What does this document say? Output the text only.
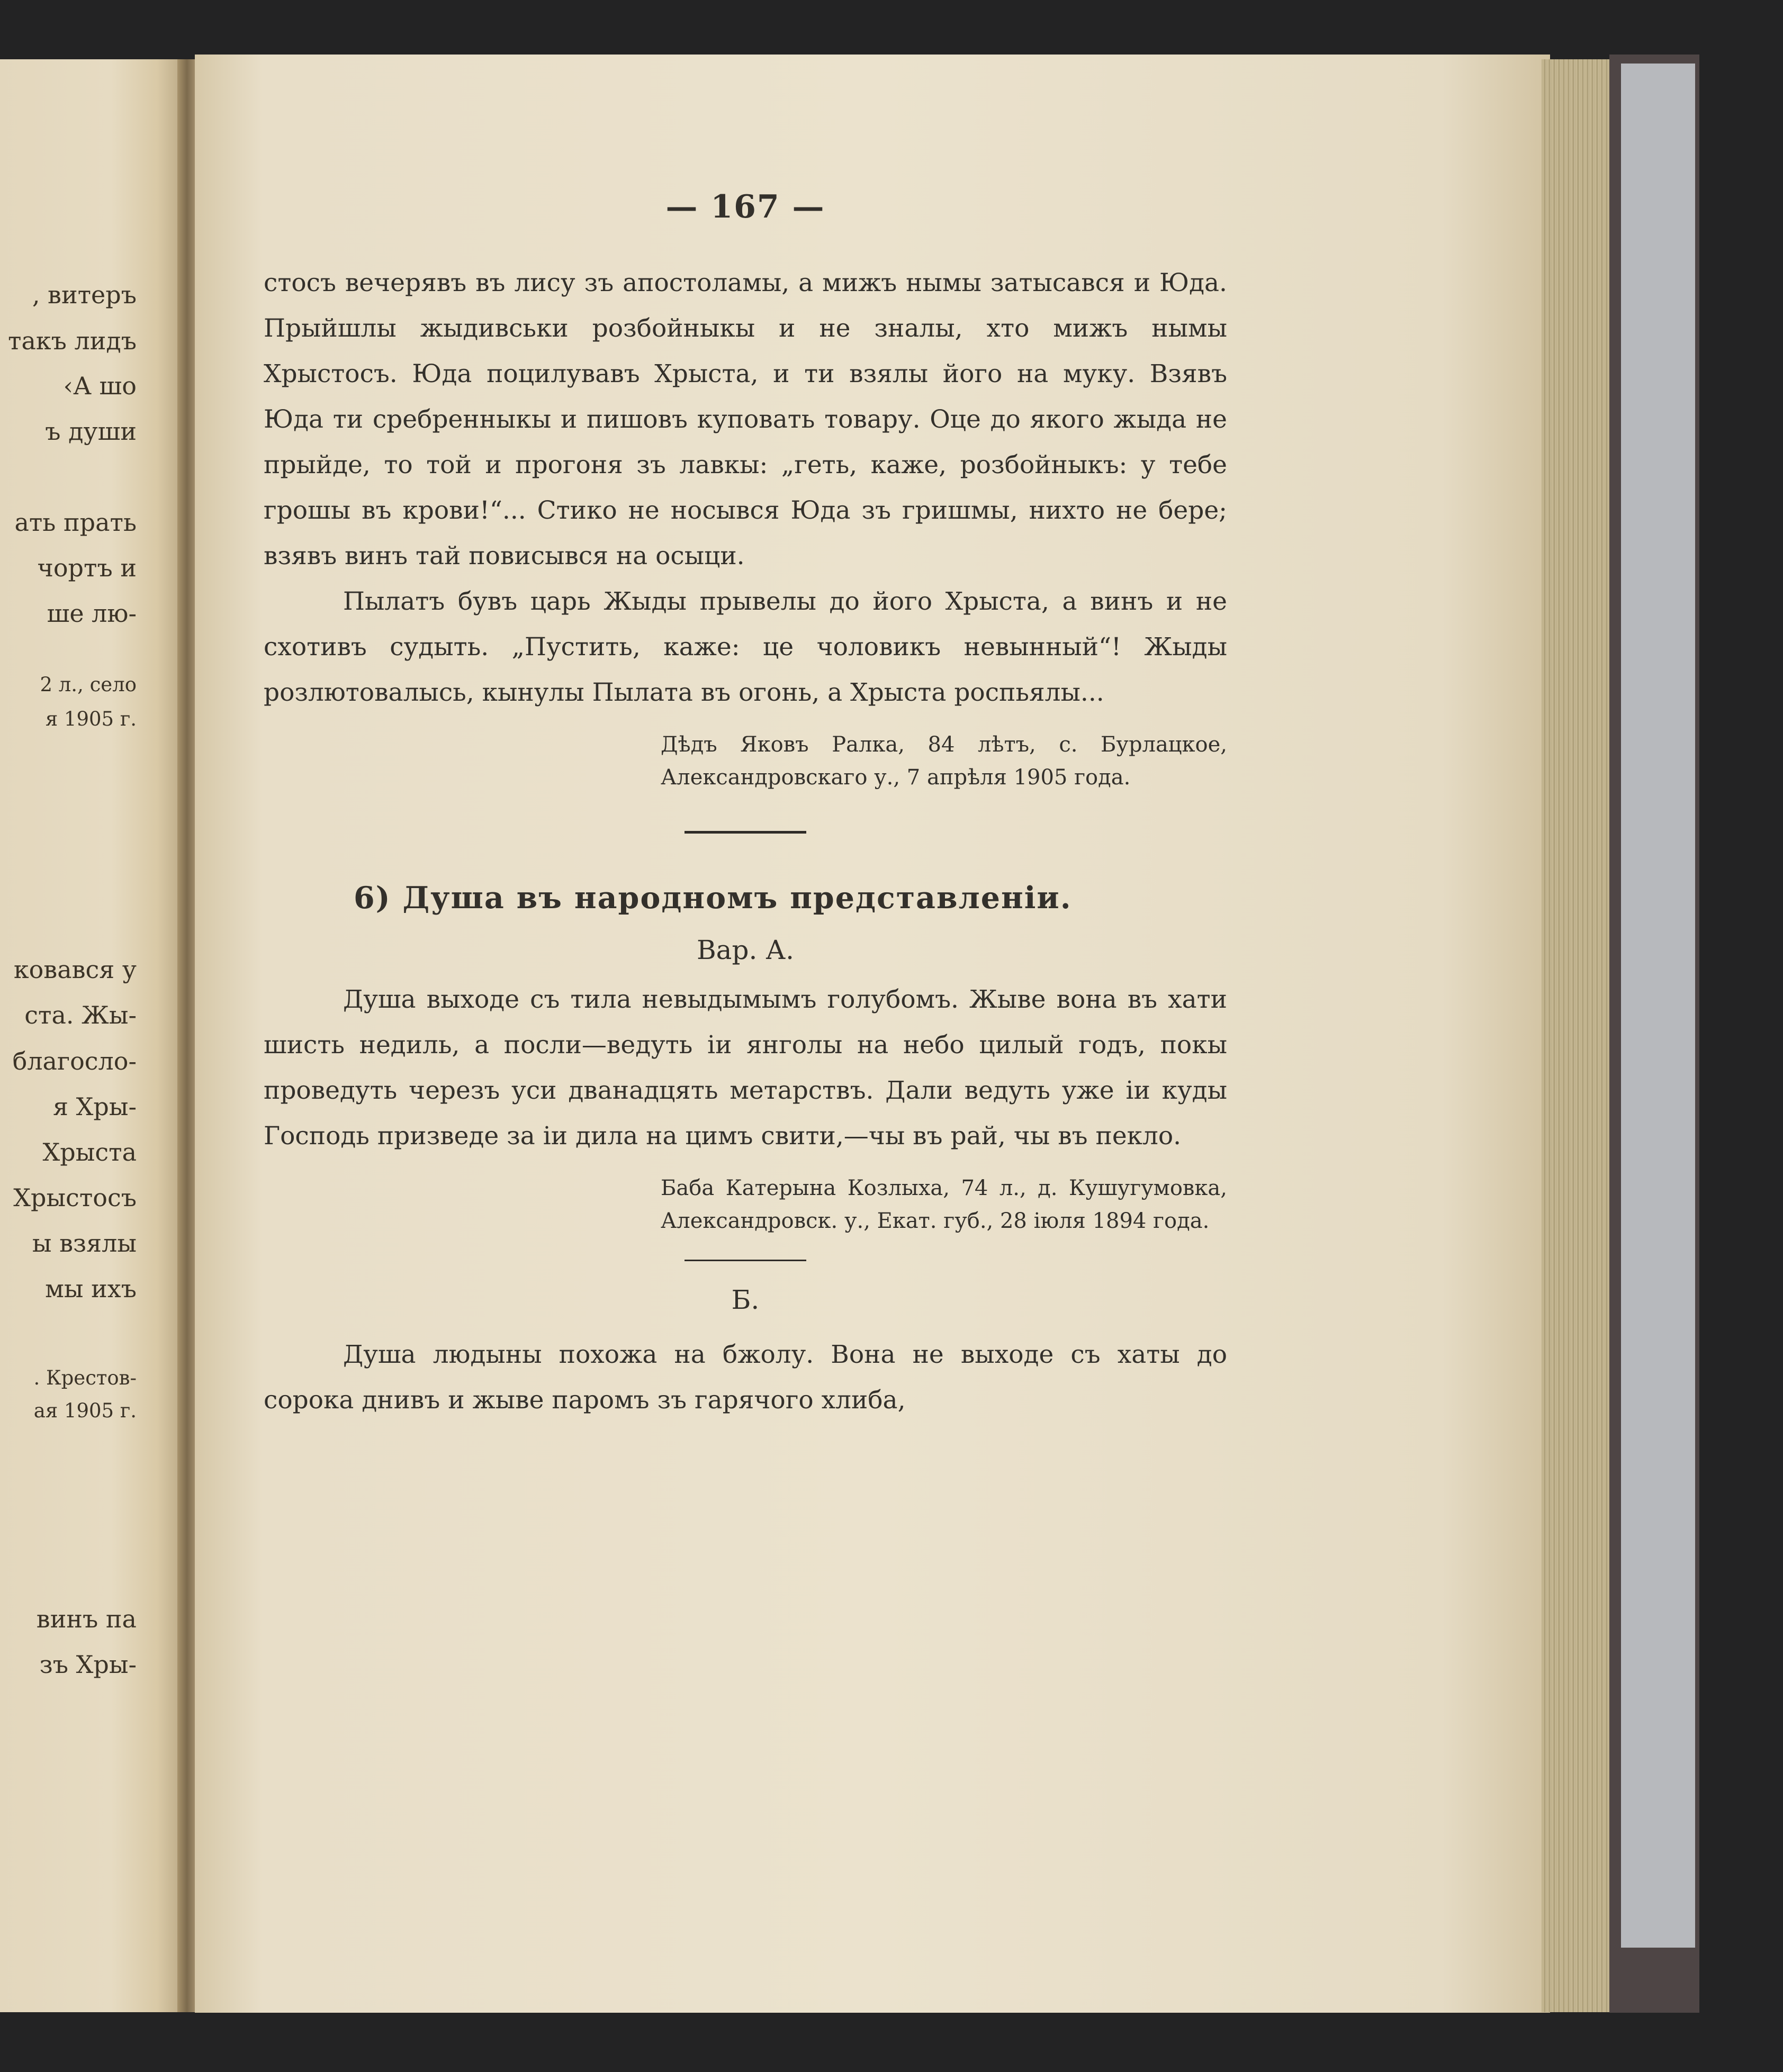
, витеръ
такъ лидъ
‹А шо
ъ души
ать прать
чортъ и
ше лю-
2 л., село
я 1905 г.
ковався у
ста. Жы-
благосло-
я Хры-
Хрыста
Хрыстосъ
ы взялы
мы ихъ
. Крестов-
ая 1905 г.
винъ па
зъ Хры-
— 167 —

стосъ вечерявъ въ лису зъ апостоламы, а мижъ нымы затысався и Юда. Прыйшлы жыдивськи розбойныкы и не зналы, хто мижъ нымы Хрыстосъ. Юда поцилувавъ Хрыста, и ти взялы його на муку. Взявъ Юда ти сребренныкы и пишовъ куповать товару. Оце до якого жыда не прыйде, то той и прогоня зъ лавкы: „геть, каже, розбойныкъ: у тебе грошы въ крови!“... Стико не носывся Юда зъ гришмы, нихто не бере; взявъ винъ тай повисывся на осыци.

Пылатъ бувъ царь Жыды прывелы до його Хрыста, а винъ и не схотивъ судыть. „Пустить, каже: це чоловикъ невынный“! Жыды розлютовалысь, кынулы Пылата въ огонь, а Хрыста роспьялы...

Дѣдъ Яковъ Ралка, 84 лѣтъ, с. Бурлацкое, Александровскаго у., 7 апрѣля 1905 года.
6) Душа въ народномъ представленiи.
Вар. А.

Душа выходе съ тила невыдымымъ голубомъ. Жыве вона въ хати шисть недиль, а посли—ведуть iи янголы на небо цилый годъ, покы проведуть черезъ уси дванадцять метарствъ. Дали ведуть уже iи куды Господь призведе за iи дила на цимъ свити,—чы въ рай, чы въ пекло.

Баба Катерына Козлыха, 74 л., д. Кушугумовка, Александровск. у., Екат. губ., 28 iюля 1894 года.
Б.

Душа людыны похожа на бжолу. Вона не выходе съ хаты до сорока днивъ и жыве паромъ зъ гарячого хлиба,
